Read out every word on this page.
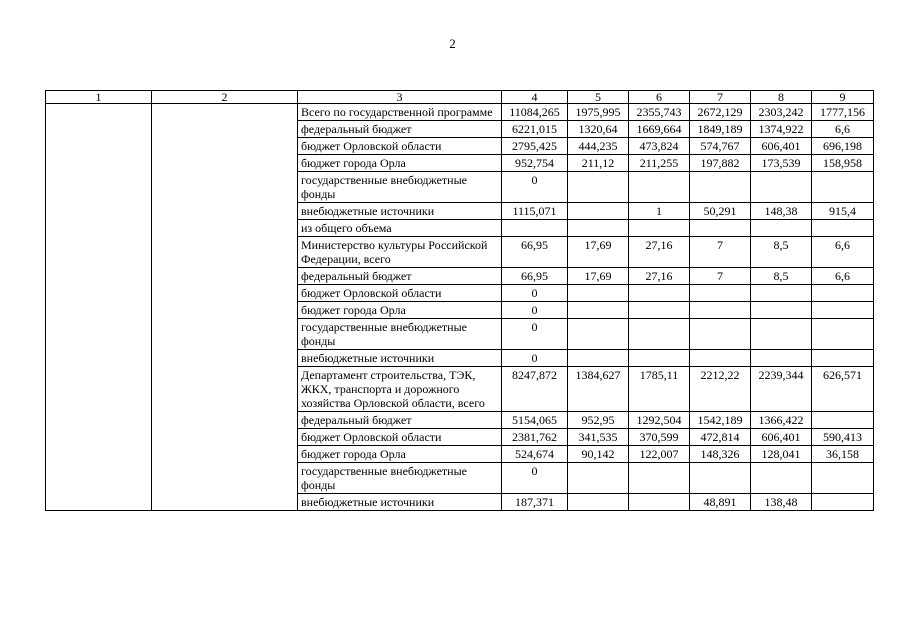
2
1	2	3	4	5	6	7	8	9
		Всего по государственной программе	11084,265	1975,995	2355,743	2672,129	2303,242	1777,156
		федеральный бюджет	6221,015	1320,64	1669,664	1849,189	1374,922	6,6
		бюджет Орловской области	2795,425	444,235	473,824	574,767	606,401	696,198
		бюджет города Орла	952,754	211,12	211,255	197,882	173,539	158,958
		государственные внебюджетные фонды	0					
		внебюджетные источники	1115,071		1	50,291	148,38	915,4
		из общего объема						
		Министерство культуры Российской Федерации, всего	66,95	17,69	27,16	7	8,5	6,6
		федеральный бюджет	66,95	17,69	27,16	7	8,5	6,6
		бюджет Орловской области	0					
		бюджет города Орла	0					
		государственные внебюджетные фонды	0					
		внебюджетные источники	0					
		Департамент строительства, ТЭК, ЖКХ, транспорта и дорожного хозяйства Орловской области, всего	8247,872	1384,627	1785,11	2212,22	2239,344	626,571
		федеральный бюджет	5154,065	952,95	1292,504	1542,189	1366,422	
		бюджет Орловской области	2381,762	341,535	370,599	472,814	606,401	590,413
		бюджет города Орла	524,674	90,142	122,007	148,326	128,041	36,158
		государственные внебюджетные фонды	0					
		внебюджетные источники	187,371			48,891	138,48	
